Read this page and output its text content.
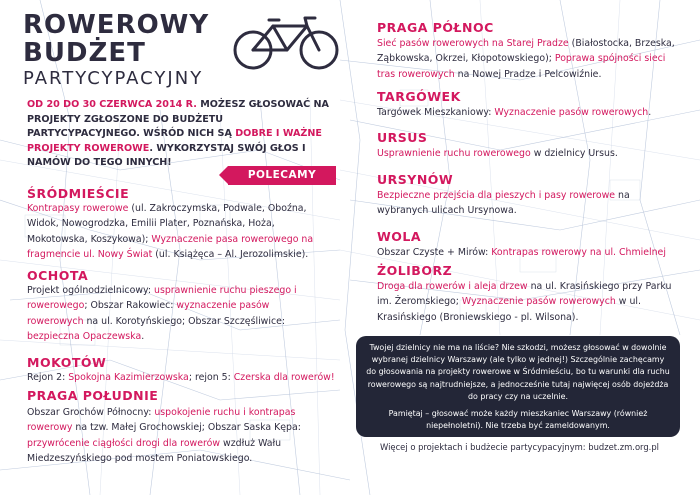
ROWEROWY
BUDŻET
PARTYCYPACYJNY
OD 20 DO 30 CZERWCA 2014 R. MOŻESZ GŁOSOWAĆ NA PROJEKTY ZGŁOSZONE DO BUDŻETU PARTYCYPACYJNEGO. WŚRÓD NICH SĄ DOBRE I WAŻNE PROJEKTY ROWEROWE. WYKORZYSTAJ SWÓJ GŁOS I NAMÓW DO TEGO INNYCH!
POLECAMY
ŚRÓDMIEŚCIE
Kontrapasy rowerowe (ul. Zakroczymska, Podwale, Oboźna, Widok, Nowogrodzka, Emilii Plater, Poznańska, Hoża, Mokotowska, Koszykowa); Wyznaczenie pasa rowerowego na fragmencie ul. Nowy Świat (ul. Książęca – Al. Jerozolimskie).
OCHOTA
Projekt ogólnodzielnicowy: usprawnienie ruchu pieszego i rowerowego; Obszar Rakowiec: wyznaczenie pasów rowerowych na ul. Korotyńskiego; Obszar Szczęśliwice: bezpieczna Opaczewska.
MOKOTÓW
Rejon 2: Spokojna Kazimierzowska; rejon 5: Czerska dla rowerów!
PRAGA POŁUDNIE
Obszar Grochów Północny: uspokojenie ruchu i kontrapas rowerowy na tzw. Małej Grochowskiej; Obszar Saska Kępa: przywrócenie ciągłości drogi dla rowerów wzdłuż Wału Miedzeszyńskiego pod mostem Poniatowskiego.
PRAGA PÓŁNOC
Sieć pasów rowerowych na Starej Pradze (Białostocka, Brzeska, Ząbkowska, Okrzei, Kłopotowskiego); Poprawa spójności sieci tras rowerowych na Nowej Pradze i Pelcowiźnie.
TARGÓWEK
Targówek Mieszkaniowy: Wyznaczenie pasów rowerowych.
URSUS
Usprawnienie ruchu rowerowego w dzielnicy Ursus.
URSYNÓW
Bezpieczne przejścia dla pieszych i pasy rowerowe na wybranych ulicach Ursynowa.
WOLA
Obszar Czyste + Mirów: Kontrapas rowerowy na ul. Chmielnej
ŻOLIBORZ
Droga dla rowerów i aleja drzew na ul. Krasińskiego przy Parku im. Żeromskiego; Wyznaczenie pasów rowerowych w ul. Krasińskiego (Broniewskiego - pl. Wilsona).

Twojej dzielnicy nie ma na liście? Nie szkodzi, możesz głosować w dowolnie wybranej dzielnicy Warszawy (ale tylko w jednej!) Szczególnie zachęcamy do głosowania na projekty rowerowe w Śródmieściu, bo tu warunki dla ruchu rowerowego są najtrudniejsze, a jednocześnie tutaj najwięcej osób dojeżdża do pracy czy na uczelnie.

Pamiętaj – głosować może każdy mieszkaniec Warszawy (również niepełnoletni). Nie trzeba być zameldowanym.

Więcej o projektach i budżecie partycypacyjnym: budzet.zm.org.pl
